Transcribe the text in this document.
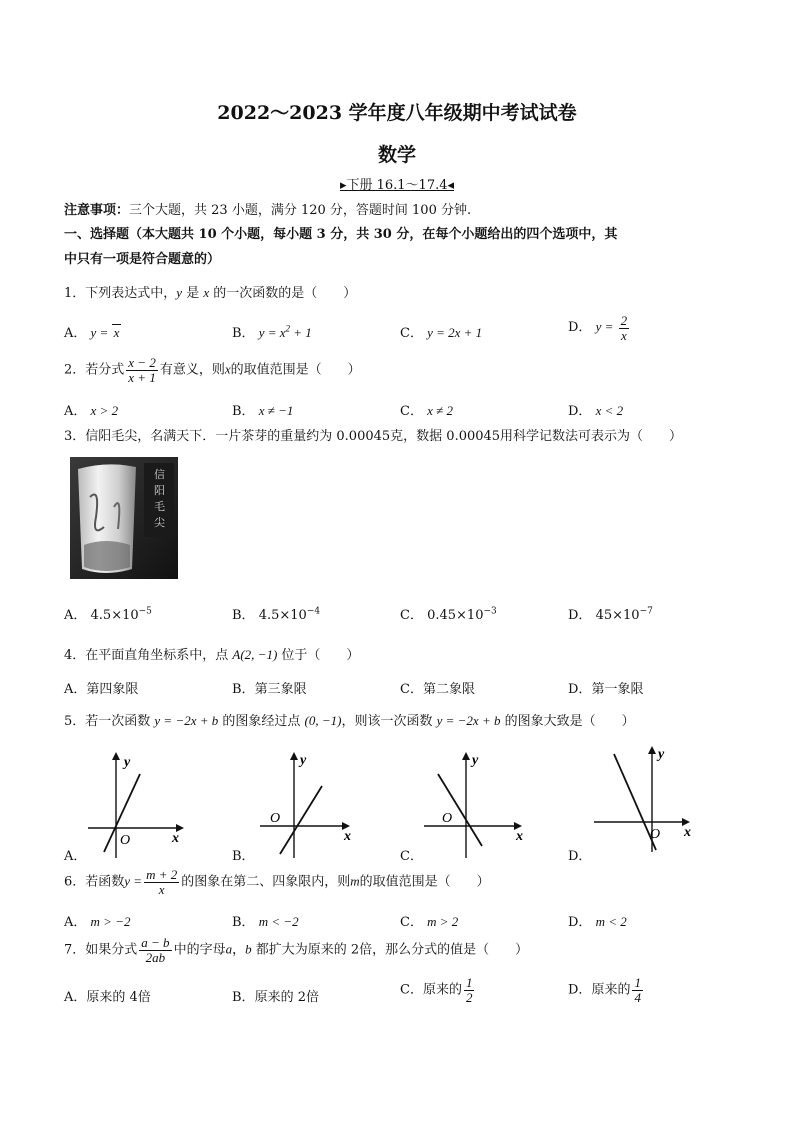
2022～2023 学年度八年级期中考试试卷
数学
▸下册 16.1～17.4◂
注意事项：三个大题，共 23 小题，满分 120 分，答题时间 100 分钟.
一、选择题（本大题共 10 个小题，每小题 3 分，共 30 分，在每个小题给出的四个选项中，其
中只有一项是符合题意的）
1．下列表达式中，y 是 x 的一次函数的是（　　）
A． y = x	B． $y = x^2 + 1$	C． y = 2x + 1	D． $y = \frac{2}{x}$
2．若分式 $\frac{x - 2}{x + 1}$ 有意义，则x的取值范围是（　　）
A． x > 2	B． x ≠ −1	C． x ≠ 2	D． x < 2
3．信阳毛尖，名满天下．一片茶芽的重量约为 0.00045克，数据 0.00045用科学记数法可表示为（　　）
信阳毛尖
A． $4.5\times 10^{-5}$	B． $4.5\times 10^{-4}$	C． $0.45\times 10^{-3}$	D． $45\times 10^{-7}$
4．在平面直角坐标系中，点 A(2, −1) 位于（　　）
A．第四象限	B．第三象限	C．第二象限	D．第一象限
5．若一次函数 y = −2x + b 的图象经过点 (0, −1)，则该一次函数 y = −2x + b 的图象大致是（　　）
x
y
O
A．
x
y
O
B．
x
y
O
C．
x
y
O
D．
6．若函数$y = \frac{m + 2}{x}$ 的图象在第二、四象限内，则m的取值范围是（　　）
A． m > −2	B． m < −2	C． m > 2	D． m < 2
7．如果分式 $\frac{a - b}{2ab}$ 中的字母a，b 都扩大为原来的 2倍，那么分式的值是（　　）
A．原来的 4倍	B．原来的 2倍	C．原来的 $\frac{1}{2}$	D．原来的 $\frac{1}{4}$
